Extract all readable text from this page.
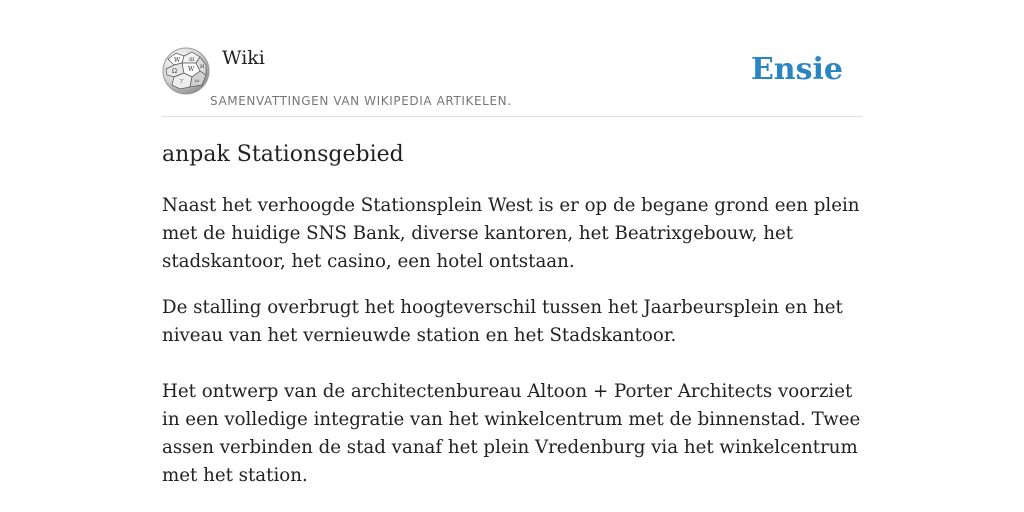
W Ш
Ω W И
ア ω
Wiki
SAMENVATTINGEN VAN WIKIPEDIA ARTIKELEN.
Ensie
anpak Stationsgebied

Naast het verhoogde Stationsplein West is er op de begane grond een plein met de huidige SNS Bank, diverse kantoren, het Beatrixgebouw, het stadskantoor, het casino, een hotel ontstaan.

De stalling overbrugt het hoogteverschil tussen het Jaarbeursplein en het niveau van het vernieuwde station en het Stadskantoor.

Het ontwerp van de architectenbureau Altoon + Porter Architects voorziet in een volledige integratie van het winkelcentrum met de binnenstad. Twee assen verbinden de stad vanaf het plein Vredenburg via het winkelcentrum met het station.
